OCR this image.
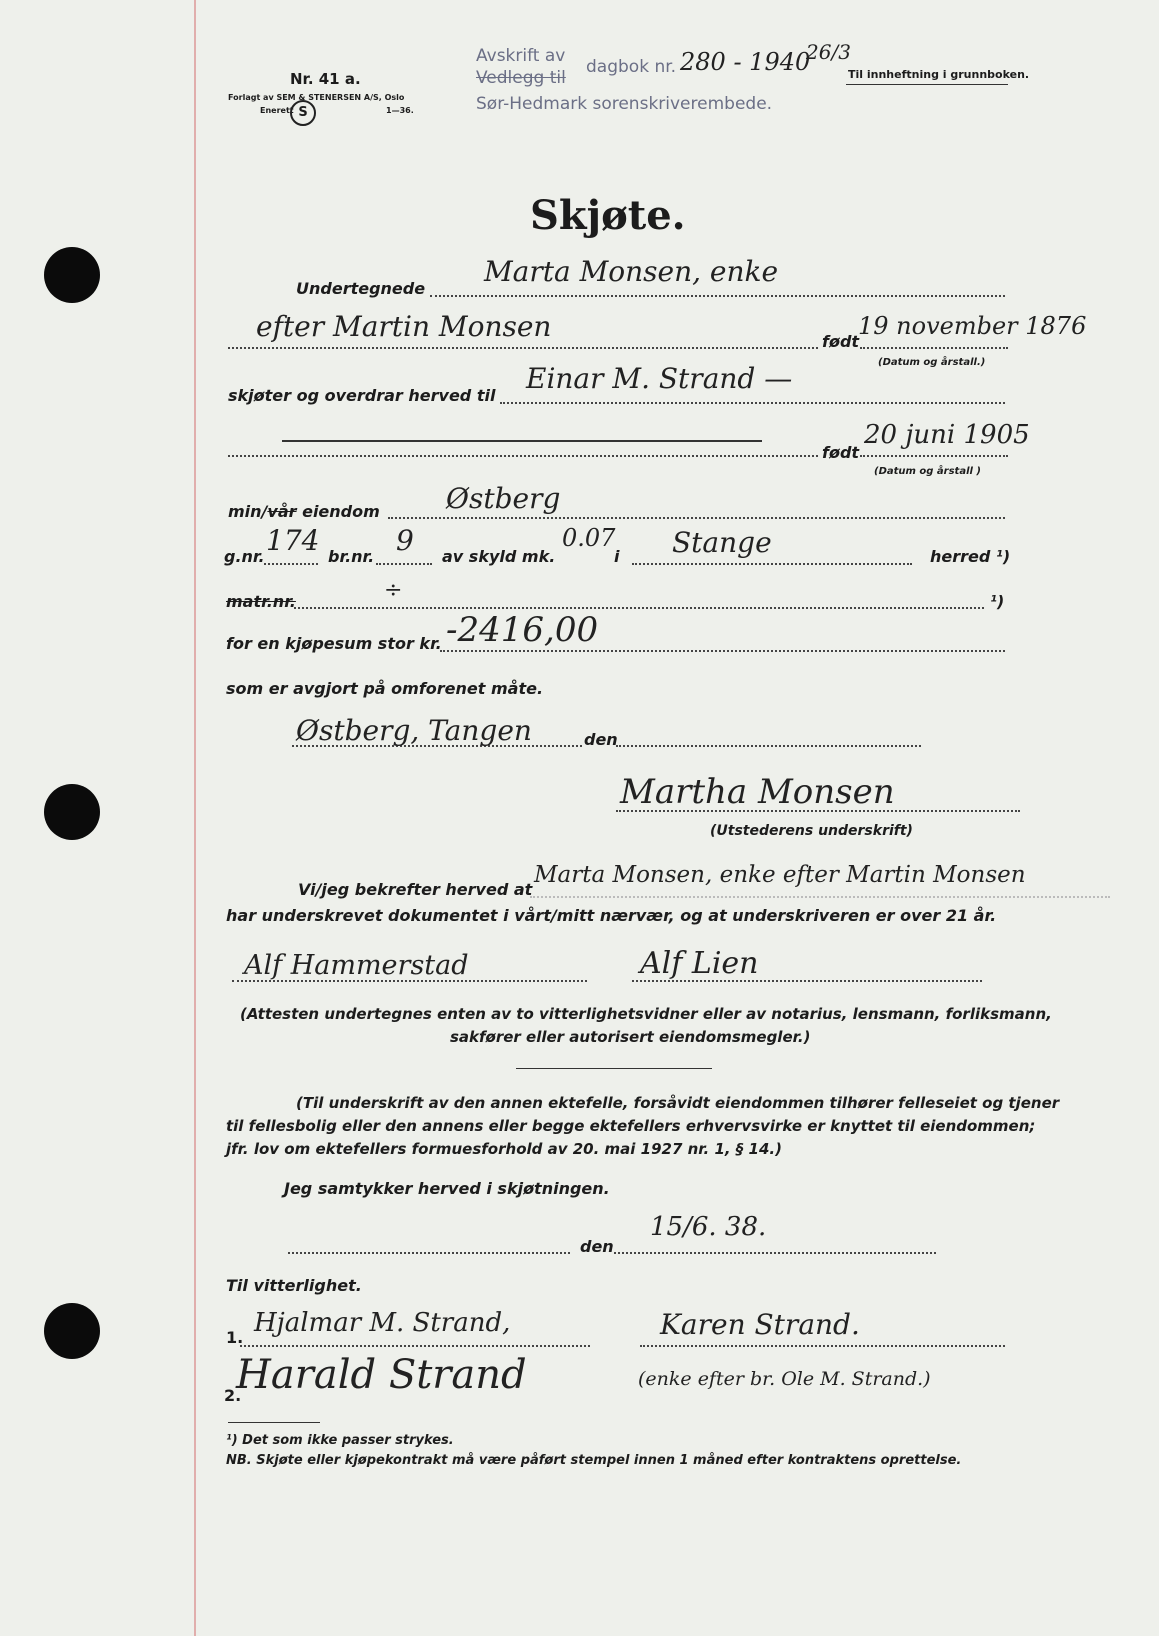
Nr. 41 a.
Forlagt av SEM & STENERSEN A/S, Oslo
Enerett	1—36.
S
Avskrift av
Vedlegg til
dagbok nr. 280 - 1940
26/3
Til innheftning i grunnboken.
Sør-Hedmark sorenskriverembede.
Skjøte.
Undertegnede
Marta Monsen, enke
efter Martin Monsen	født
19 november 1876
(Datum og årstall.)
skjøter og overdrar herved til
Einar M. Strand —
født
20 juni 1905
(Datum og årstall )
min/vår eiendom Østberg
g.nr. 174 br.nr. 9 av skyld mk.
0.07
i Stange	herred ¹)
matr.nr.	÷	¹)
for en kjøpesum stor kr. -2416,00
som er avgjort på omforenet måte.
Østberg, Tangen	den
Martha Monsen
(Utstederens underskrift)
Vi/jeg bekrefter herved at
Marta Monsen, enke efter Martin Monsen
har underskrevet dokumentet i vårt/mitt nærvær, og at underskriveren er over 21 år.
Alf Hammerstad	Alf Lien
(Attesten undertegnes enten av to vitterlighetsvidner eller av notarius, lensmann, forliksmann,
sakfører eller autorisert eiendomsmegler.)
(Til underskrift av den annen ektefelle, forsåvidt eiendommen tilhører felleseiet og tjener
til fellesbolig eller den annens eller begge ektefellers erhvervsvirke er knyttet til eiendommen;
jfr. lov om ektefellers formuesforhold av 20. mai 1927 nr. 1, § 14.)
Jeg samtykker herved i skjøtningen.
den
15/6. 38.
Til vitterlighet.
1. Hjalmar M. Strand,	Karen Strand.
2.
Harald Strand	(enke efter br. Ole M. Strand.)
¹) Det som ikke passer strykes.
NB. Skjøte eller kjøpekontrakt må være påført stempel innen 1 måned efter kontraktens oprettelse.
